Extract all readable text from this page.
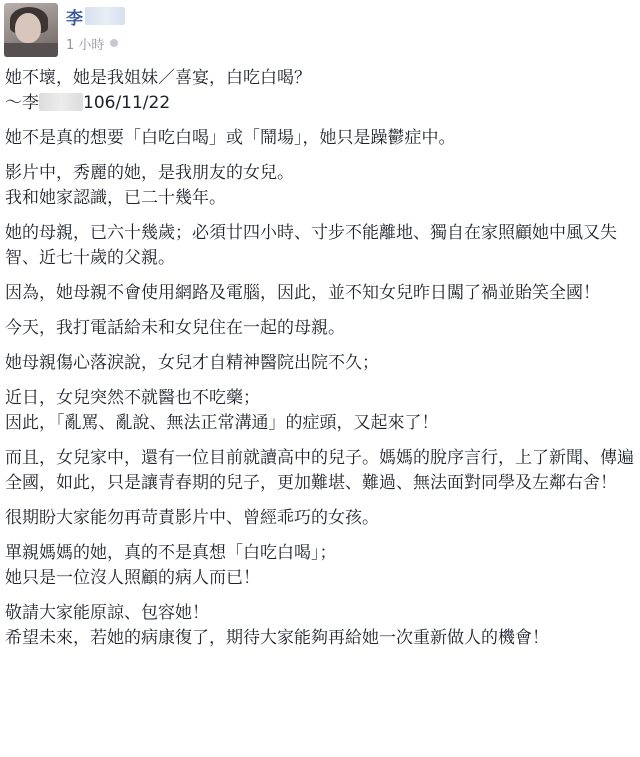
李
1 小時
她不壞，她是我姐妹／喜宴，白吃白喝？
～李	106/11/22
她不是真的想要「白吃白喝」或「鬧場」，她只是躁鬱症中。
影片中，秀麗的她，是我朋友的女兒。
我和她家認識，已二十幾年。
她的母親，已六十幾歲；必須廿四小時、寸步不能離地、獨自在家照顧她中風又失智、近七十歲的父親。
因為，她母親不會使用網路及電腦，因此，並不知女兒昨日闖了禍並貽笑全國！
今天，我打電話給未和女兒住在一起的母親。
她母親傷心落淚說，女兒才自精神醫院出院不久；
近日，女兒突然不就醫也不吃藥；
因此，「亂罵、亂說、無法正常溝通」的症頭，又起來了！
而且，女兒家中，還有一位目前就讀高中的兒子。媽媽的脫序言行，上了新聞、傳遍全國，如此，只是讓青春期的兒子，更加難堪、難過、無法面對同學及左鄰右舍！
很期盼大家能勿再苛責影片中、曾經乖巧的女孩。
單親媽媽的她，真的不是真想「白吃白喝」；
她只是一位沒人照顧的病人而已！
敬請大家能原諒、包容她！
希望未來，若她的病康復了，期待大家能夠再給她一次重新做人的機會！
